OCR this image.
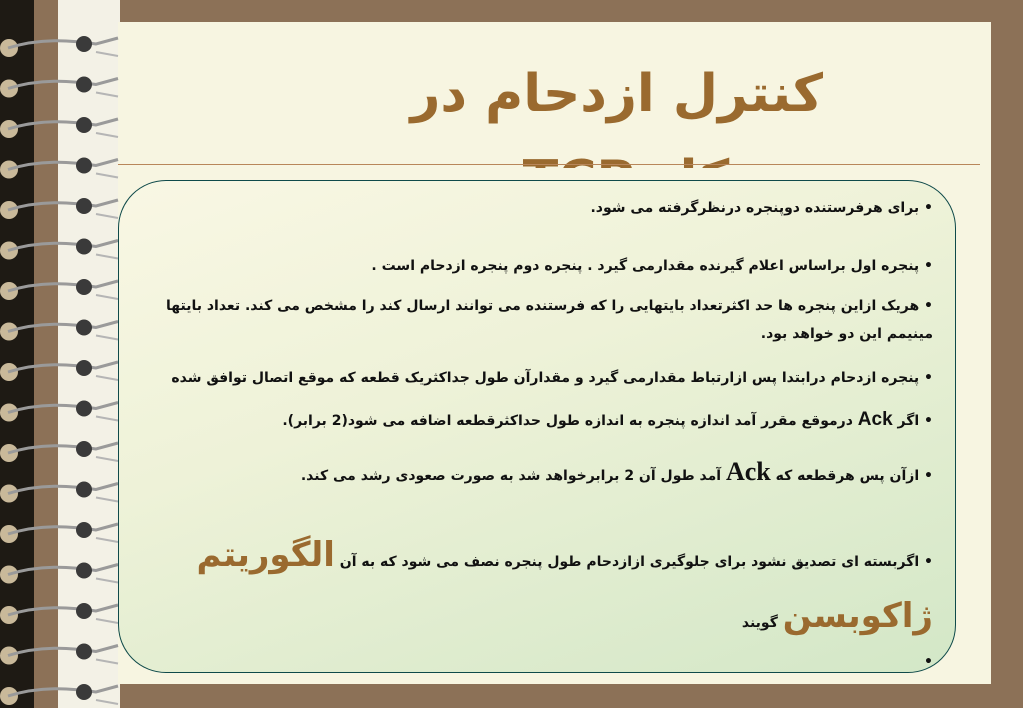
کنترل ازدحام در
• برای هرفرستنده دوپنجره درنظرگرفته می شود.
• پنجره اول براساس اعلام گیرنده مقدارمی گیرد . پنجره دوم پنجره ازدحام است .
• هریک ازاین پنجره ها حد اکثرتعداد بایتهایی را که فرستنده می توانند ارسال کند را مشخص می کند. تعداد بایتها مینیمم این دو خواهد بود.
• پنجره ازدحام درابتدا پس ازارتباط مقدارمی گیرد و مقدارآن طول جداکثریک قطعه که موقع اتصال توافق شده
• اگر Ack درموقع مقرر آمد اندازه پنجره به اندازه طول حداکثرقطعه اضافه می شود(2 برابر).
• ازآن پس هرقطعه که Ack آمد طول آن 2 برابرخواهد شد به صورت صعودی رشد می کند.
• اگربسته ای تصدیق نشود برای جلوگیری ازازدحام طول پنجره نصف می شود که به آن الگوریتم ژاکوبسن گویند
•
